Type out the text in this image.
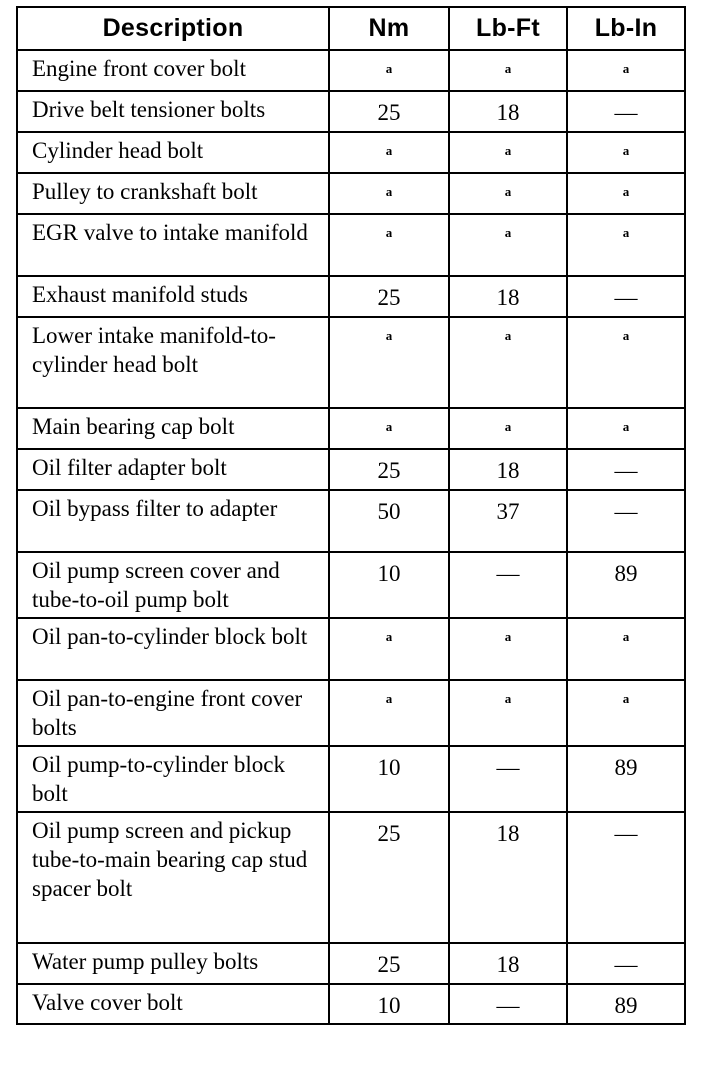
Description	Nm	Lb-Ft	Lb-In
Engine front cover bolt	a	a	a
Drive belt tensioner bolts	25	18	—
Cylinder head bolt	a	a	a
Pulley to crankshaft bolt	a	a	a
EGR valve to intake manifold	a	a	a
Exhaust manifold studs	25	18	—
Lower intake manifold-to-cylinder head bolt	a	a	a
Main bearing cap bolt	a	a	a
Oil filter adapter bolt	25	18	—
Oil bypass filter to adapter	50	37	—
Oil pump screen cover and tube-to-oil pump bolt	10	—	89
Oil pan-to-cylinder block bolt	a	a	a
Oil pan-to-engine front cover bolts	a	a	a
Oil pump-to-cylinder block bolt	10	—	89
Oil pump screen and pickup tube-to-main bearing cap stud spacer bolt	25	18	—
Water pump pulley bolts	25	18	—
Valve cover bolt	10	—	89
